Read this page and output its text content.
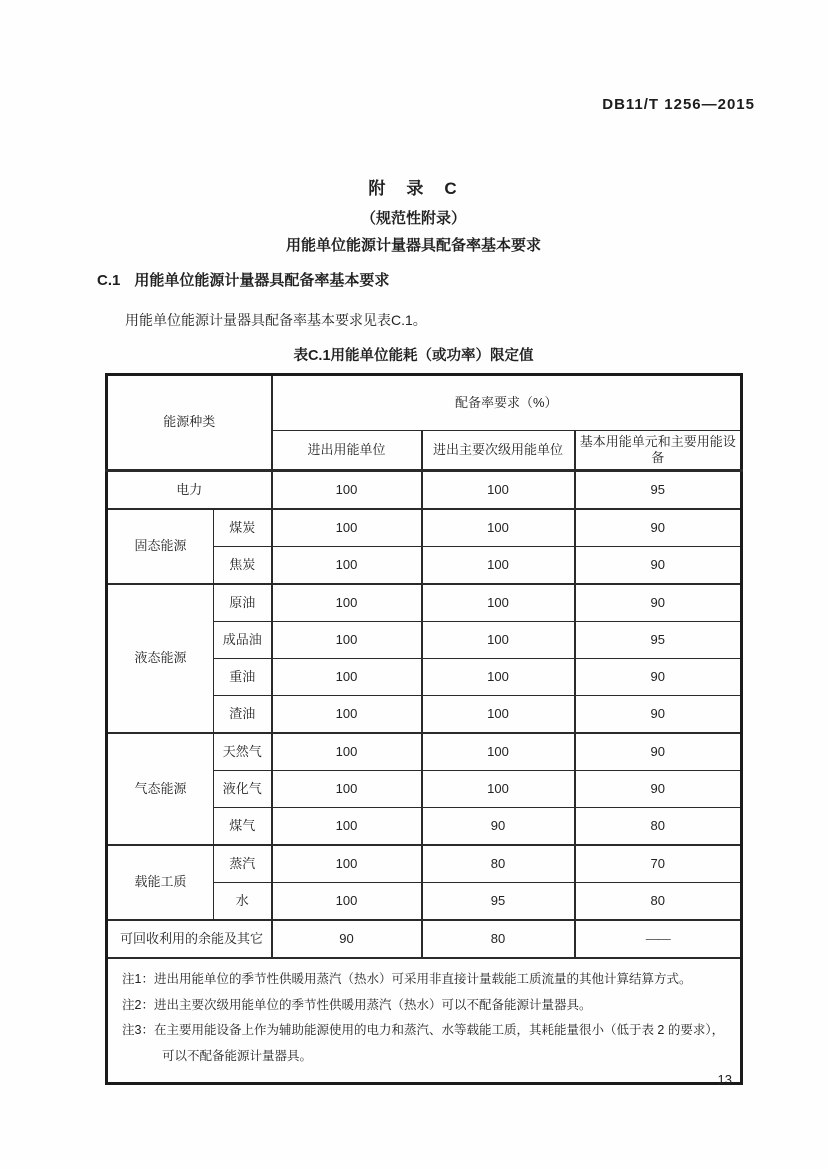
DB11/T 1256—2015
附　录　C
（规范性附录）
用能单位能源计量器具配备率基本要求
C.1 用能单位能源计量器具配备率基本要求
用能单位能源计量器具配备率基本要求见表C.1。
表C.1用能单位能耗（或功率）限定值
能源种类		配备率要求（%）		
		进出用能单位	进出主要次级用能单位	基本用能单元和主要用能设备
电力		100	100	95
固态能源	煤炭	100	100	90
	焦炭	100	100	90
液态能源	原油	100	100	90
	成品油	100	100	95
	重油	100	100	90
	渣油	100	100	90
气态能源	天然气	100	100	90
	液化气	100	100	90
	煤气	100	90	80
载能工质	蒸汽	100	80	70
	水	100	95	80
可回收利用的余能及其它		90	80	——

注1：进出用能单位的季节性供暖用蒸汽（热水）可采用非直接计量载能工质流量的其他计算结算方式。
注2：进出主要次级用能单位的季节性供暖用蒸汽（热水）可以不配备能源计量器具。
注3：在主要用能设备上作为辅助能源使用的电力和蒸汽、水等载能工质，其耗能量很小（低于表 2 的要求），可以不配备能源计量器具。				
13
